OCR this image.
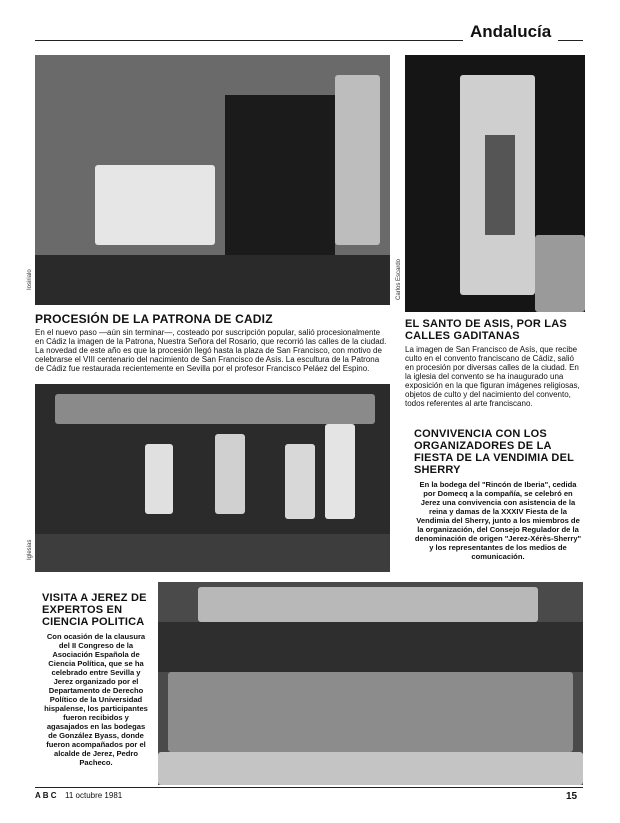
Andalucía
Iosirialo	Carlos Escardo
PROCESIÓN DE LA PATRONA DE CADIZ
En el nuevo paso —aún sin terminar—, costeado por suscripción popular, salió procesionalmente en Cádiz la imagen de la Patrona, Nuestra Señora del Rosario, que recorrió las calles de la ciudad. La novedad de este año es que la procesión llegó hasta la plaza de San Francisco, con motivo de celebrarse el VIII centenario del nacimiento de San Francisco de Asís. La escultura de la Patrona de Cádiz fue restaurada recientemente en Sevilla por el profesor Francisco Peláez del Espino.
EL SANTO DE ASIS, POR LAS CALLES GADITANAS
La imagen de San Francisco de Asís, que recibe culto en el convento franciscano de Cádiz, salió en procesión por diversas calles de la ciudad. En la iglesia del convento se ha inaugurado una exposición en la que figuran imágenes religiosas, objetos de culto y del nacimiento del convento, todos referentes al arte franciscano.
Iglesias
CONVIVENCIA CON LOS ORGANIZADORES DE LA FIESTA DE LA VENDIMIA DEL SHERRY
En la bodega del "Rincón de Iberia", cedida por Domecq a la compañía, se celebró en Jerez una convivencia con asistencia de la reina y damas de la XXXIV Fiesta de la Vendimia del Sherry, junto a los miembros de la organización, del Consejo Regulador de la denominación de origen "Jerez-Xérès-Sherry" y los representantes de los medios de comunicación.
VISITA A JEREZ DE EXPERTOS EN CIENCIA POLITICA
Con ocasión de la clausura del II Congreso de la Asociación Española de Ciencia Política, que se ha celebrado entre Sevilla y Jerez organizado por el Departamento de Derecho Político de la Universidad hispalense, los participantes fueron recibidos y agasajados en las bodegas de González Byass, donde fueron acompañados por el alcalde de Jerez, Pedro Pacheco.
A B C 11 octubre 1981	15
